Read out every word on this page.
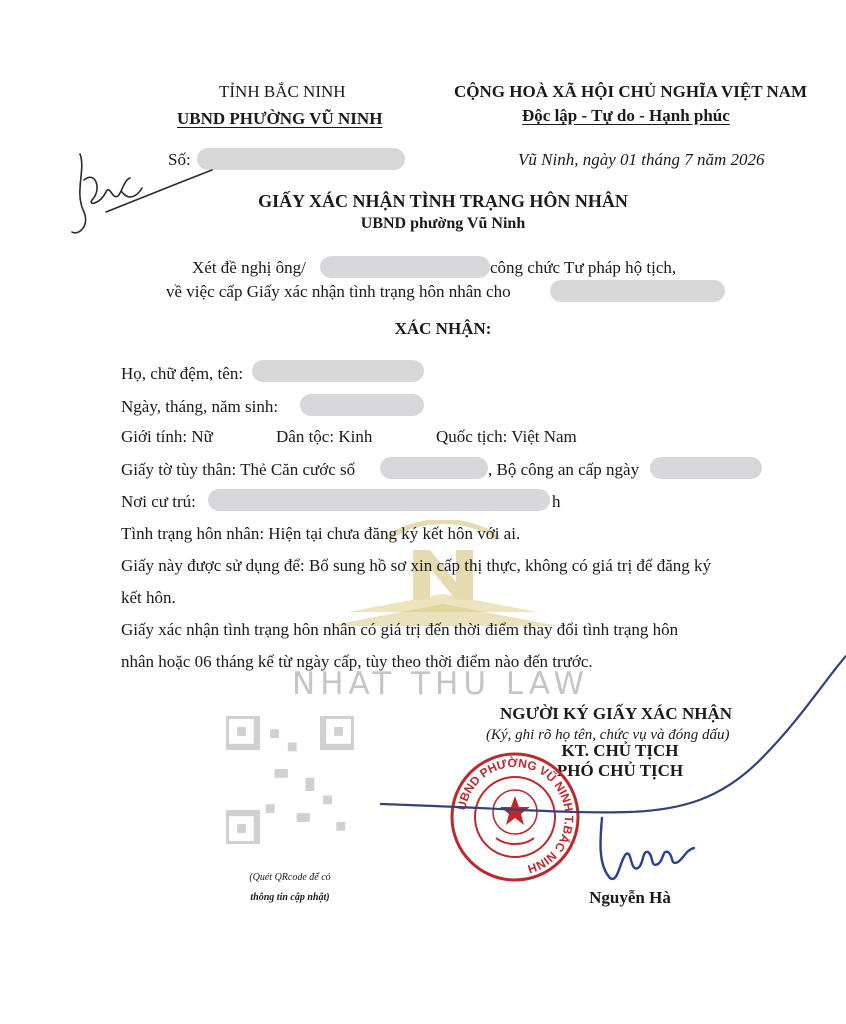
TỈNH BẮC NINH
UBND PHƯỜNG VŨ NINH
Số:
CỘNG HOÀ XÃ HỘI CHỦ NGHĨA VIỆT NAM
Độc lập - Tự do - Hạnh phúc
Vũ Ninh, ngày 01 tháng 7 năm 2026
GIẤY XÁC NHẬN TÌNH TRẠNG HÔN NHÂN
UBND phường Vũ Ninh
Xét đề nghị ông/	công chức Tư pháp hộ tịch,
về việc cấp Giấy xác nhận tình trạng hôn nhân cho
XÁC NHẬN:
Họ, chữ đệm, tên:
Ngày, tháng, năm sinh:
Giới tính: Nữ	Dân tộc: Kinh	Quốc tịch: Việt Nam
Giấy tờ tùy thân: Thẻ Căn cước số	, Bộ công an cấp ngày
Nơi cư trú:	h
Tình trạng hôn nhân: Hiện tại chưa đăng ký kết hôn với ai.
Giấy này được sử dụng để: Bổ sung hồ sơ xin cấp thị thực, không có giá trị để đăng ký
kết hôn.
Giấy xác nhận tình trạng hôn nhân có giá trị đến thời điểm thay đổi tình trạng hôn
nhân hoặc 06 tháng kể từ ngày cấp, tùy theo thời điểm nào đến trước.
NHAT THU LAW
(Quét QRcode để có
thông tin cập nhật)
NGƯỜI KÝ GIẤY XÁC NHẬN
(Ký, ghi rõ họ tên, chức vụ và đóng dấu)
KT. CHỦ TỊCH
PHÓ CHỦ TỊCH
UBND PHƯỜNG VŨ NINH T.BẮC NINH
Nguyễn Hà
